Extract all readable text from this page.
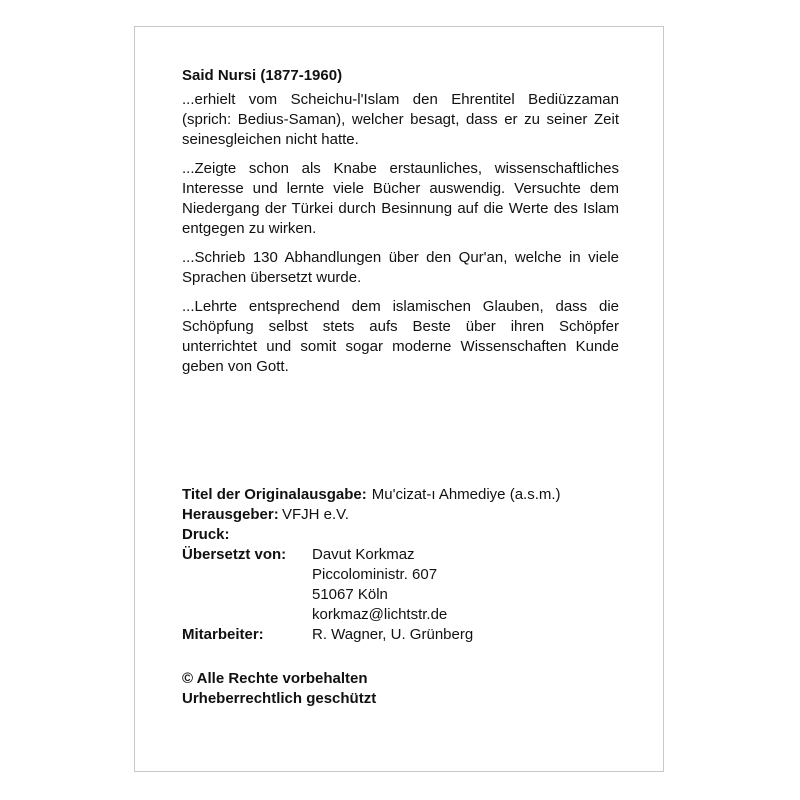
Said Nursi (1877-1960)

...erhielt vom Scheichu-l'Islam den Ehrentitel Bediüzzaman (sprich: Bedius-Saman), welcher besagt, dass er zu seiner Zeit seinesgleichen nicht hatte.

...Zeigte schon als Knabe erstaunliches, wissenschaftliches Interesse und lernte viele Bücher auswendig. Versuchte dem Niedergang der Türkei durch Besinnung auf die Werte des Islam entgegen zu wirken.

...Schrieb 130 Abhandlungen über den Qur'an, welche in viele Sprachen übersetzt wurde.

...Lehrte entsprechend dem islamischen Glauben, dass die Schöpfung selbst stets aufs Beste über ihren Schöpfer unterrichtet und somit sogar moderne Wissenschaften Kunde geben von Gott.

Titel der Originalausgabe: Mu'cizat-ı Ahmediye (a.s.m.)
Herausgeber: VFJH e.V.
Druck:
Übersetzt von:	Davut Korkmaz
Piccoloministr. 607
51067 Köln
korkmaz@lichtstr.de
Mitarbeiter:	R. Wagner, U. Grünberg
© Alle Rechte vorbehalten
Urheberrechtlich geschützt
